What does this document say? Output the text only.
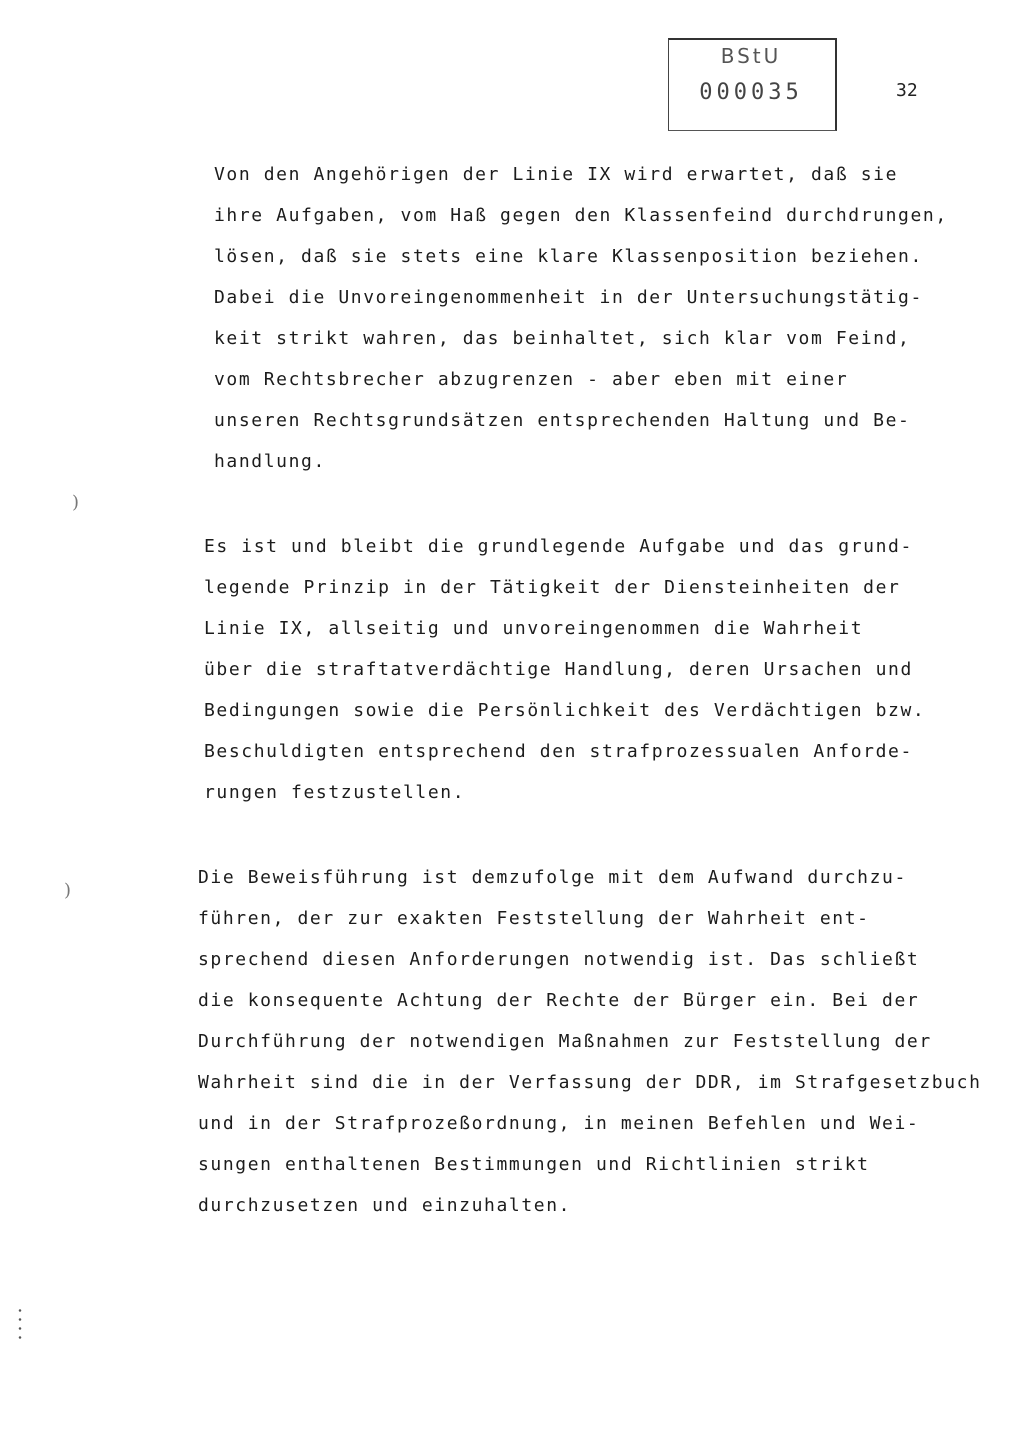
BStU
000035	32
Von den Angehörigen der Linie IX wird erwartet, daß sie
ihre Aufgaben, vom Haß gegen den Klassenfeind durchdrungen,
lösen, daß sie stets eine klare Klassenposition beziehen.
Dabei die Unvoreingenommenheit in der Untersuchungstätig-
keit strikt wahren, das beinhaltet, sich klar vom Feind,
vom Rechtsbrecher abzugrenzen - aber eben mit einer
unseren Rechtsgrundsätzen entsprechenden Haltung und Be-
handlung.
Es ist und bleibt die grundlegende Aufgabe und das grund-
legende Prinzip in der Tätigkeit der Diensteinheiten der
Linie IX, allseitig und unvoreingenommen die Wahrheit
über die straftatverdächtige Handlung, deren Ursachen und
Bedingungen sowie die Persönlichkeit des Verdächtigen bzw.
Beschuldigten entsprechend den strafprozessualen Anforde-
rungen festzustellen.
Die Beweisführung ist demzufolge mit dem Aufwand durchzu-
führen, der zur exakten Feststellung der Wahrheit ent-
sprechend diesen Anforderungen notwendig ist. Das schließt
die konsequente Achtung der Rechte der Bürger ein. Bei der
Durchführung der notwendigen Maßnahmen zur Feststellung der
Wahrheit sind die in der Verfassung der DDR, im Strafgesetzbuch
und in der Strafprozeßordnung, in meinen Befehlen und Wei-
sungen enthaltenen Bestimmungen und Richtlinien strikt
durchzusetzen und einzuhalten.
)
)
